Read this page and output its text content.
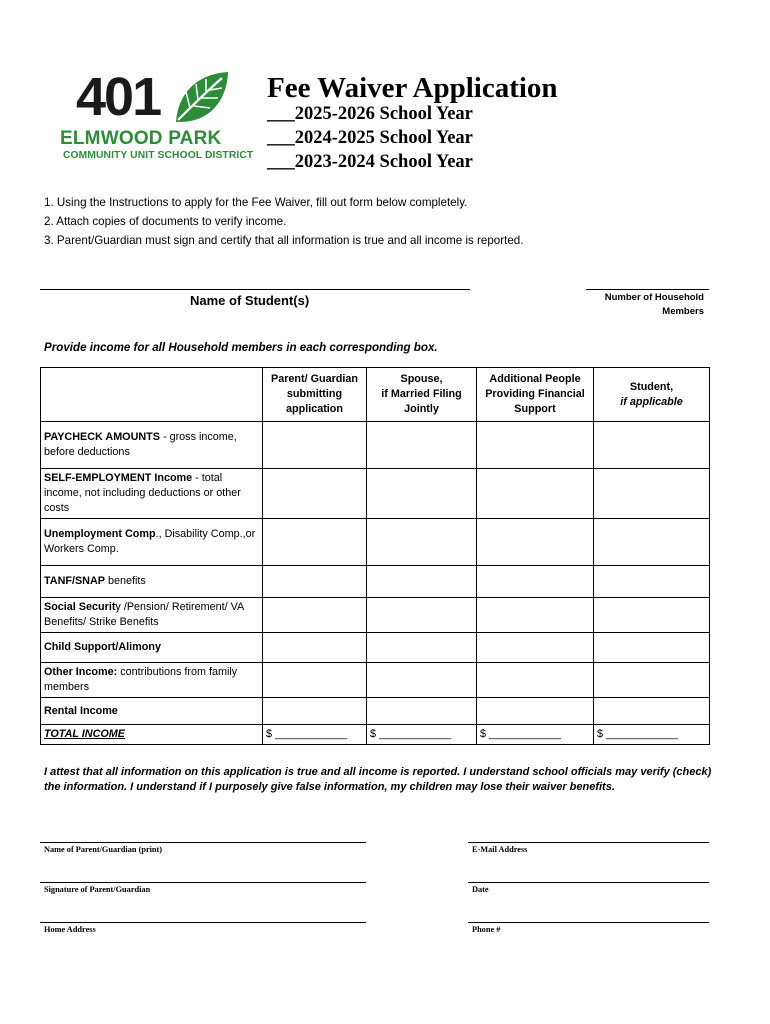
401
ELMWOOD PARK
COMMUNITY UNIT SCHOOL DISTRICT
Fee Waiver Application
___2025-2026 School Year
___2024-2025 School Year
___2023-2024 School Year
1. Using the Instructions to apply for the Fee Waiver, fill out form below completely.
2. Attach copies of documents to verify income.
3. Parent/Guardian must sign and certify that all information is true and all income is reported.
Name of Student(s)	Number of Household
Members
Provide income for all Household members in each corresponding box.
	Parent/ Guardian
submitting
application	Spouse,
if Married Filing
Jointly	Additional People
Providing Financial
Support	Student,
if applicable
PAYCHECK AMOUNTS - gross income, before deductions				
SELF-EMPLOYMENT Income - total income, not including deductions or other costs				
Unemployment Comp., Disability Comp.,or Workers Comp.				
TANF/SNAP benefits				
Social Security /Pension/ Retirement/ VA Benefits/ Strike Benefits				
Child Support/Alimony				
Other Income: contributions from family members				
Rental Income				
TOTAL INCOME	$ ____________	$ ____________	$ ____________	$ ____________
I attest that all information on this application is true and all income is reported. I understand school officials may verify (check) the information. I understand if I purposely give false information, my children may lose their waiver benefits.
Name of Parent/Guardian (print)	E-Mail Address
Signature of Parent/Guardian	Date
Home Address	Phone #
